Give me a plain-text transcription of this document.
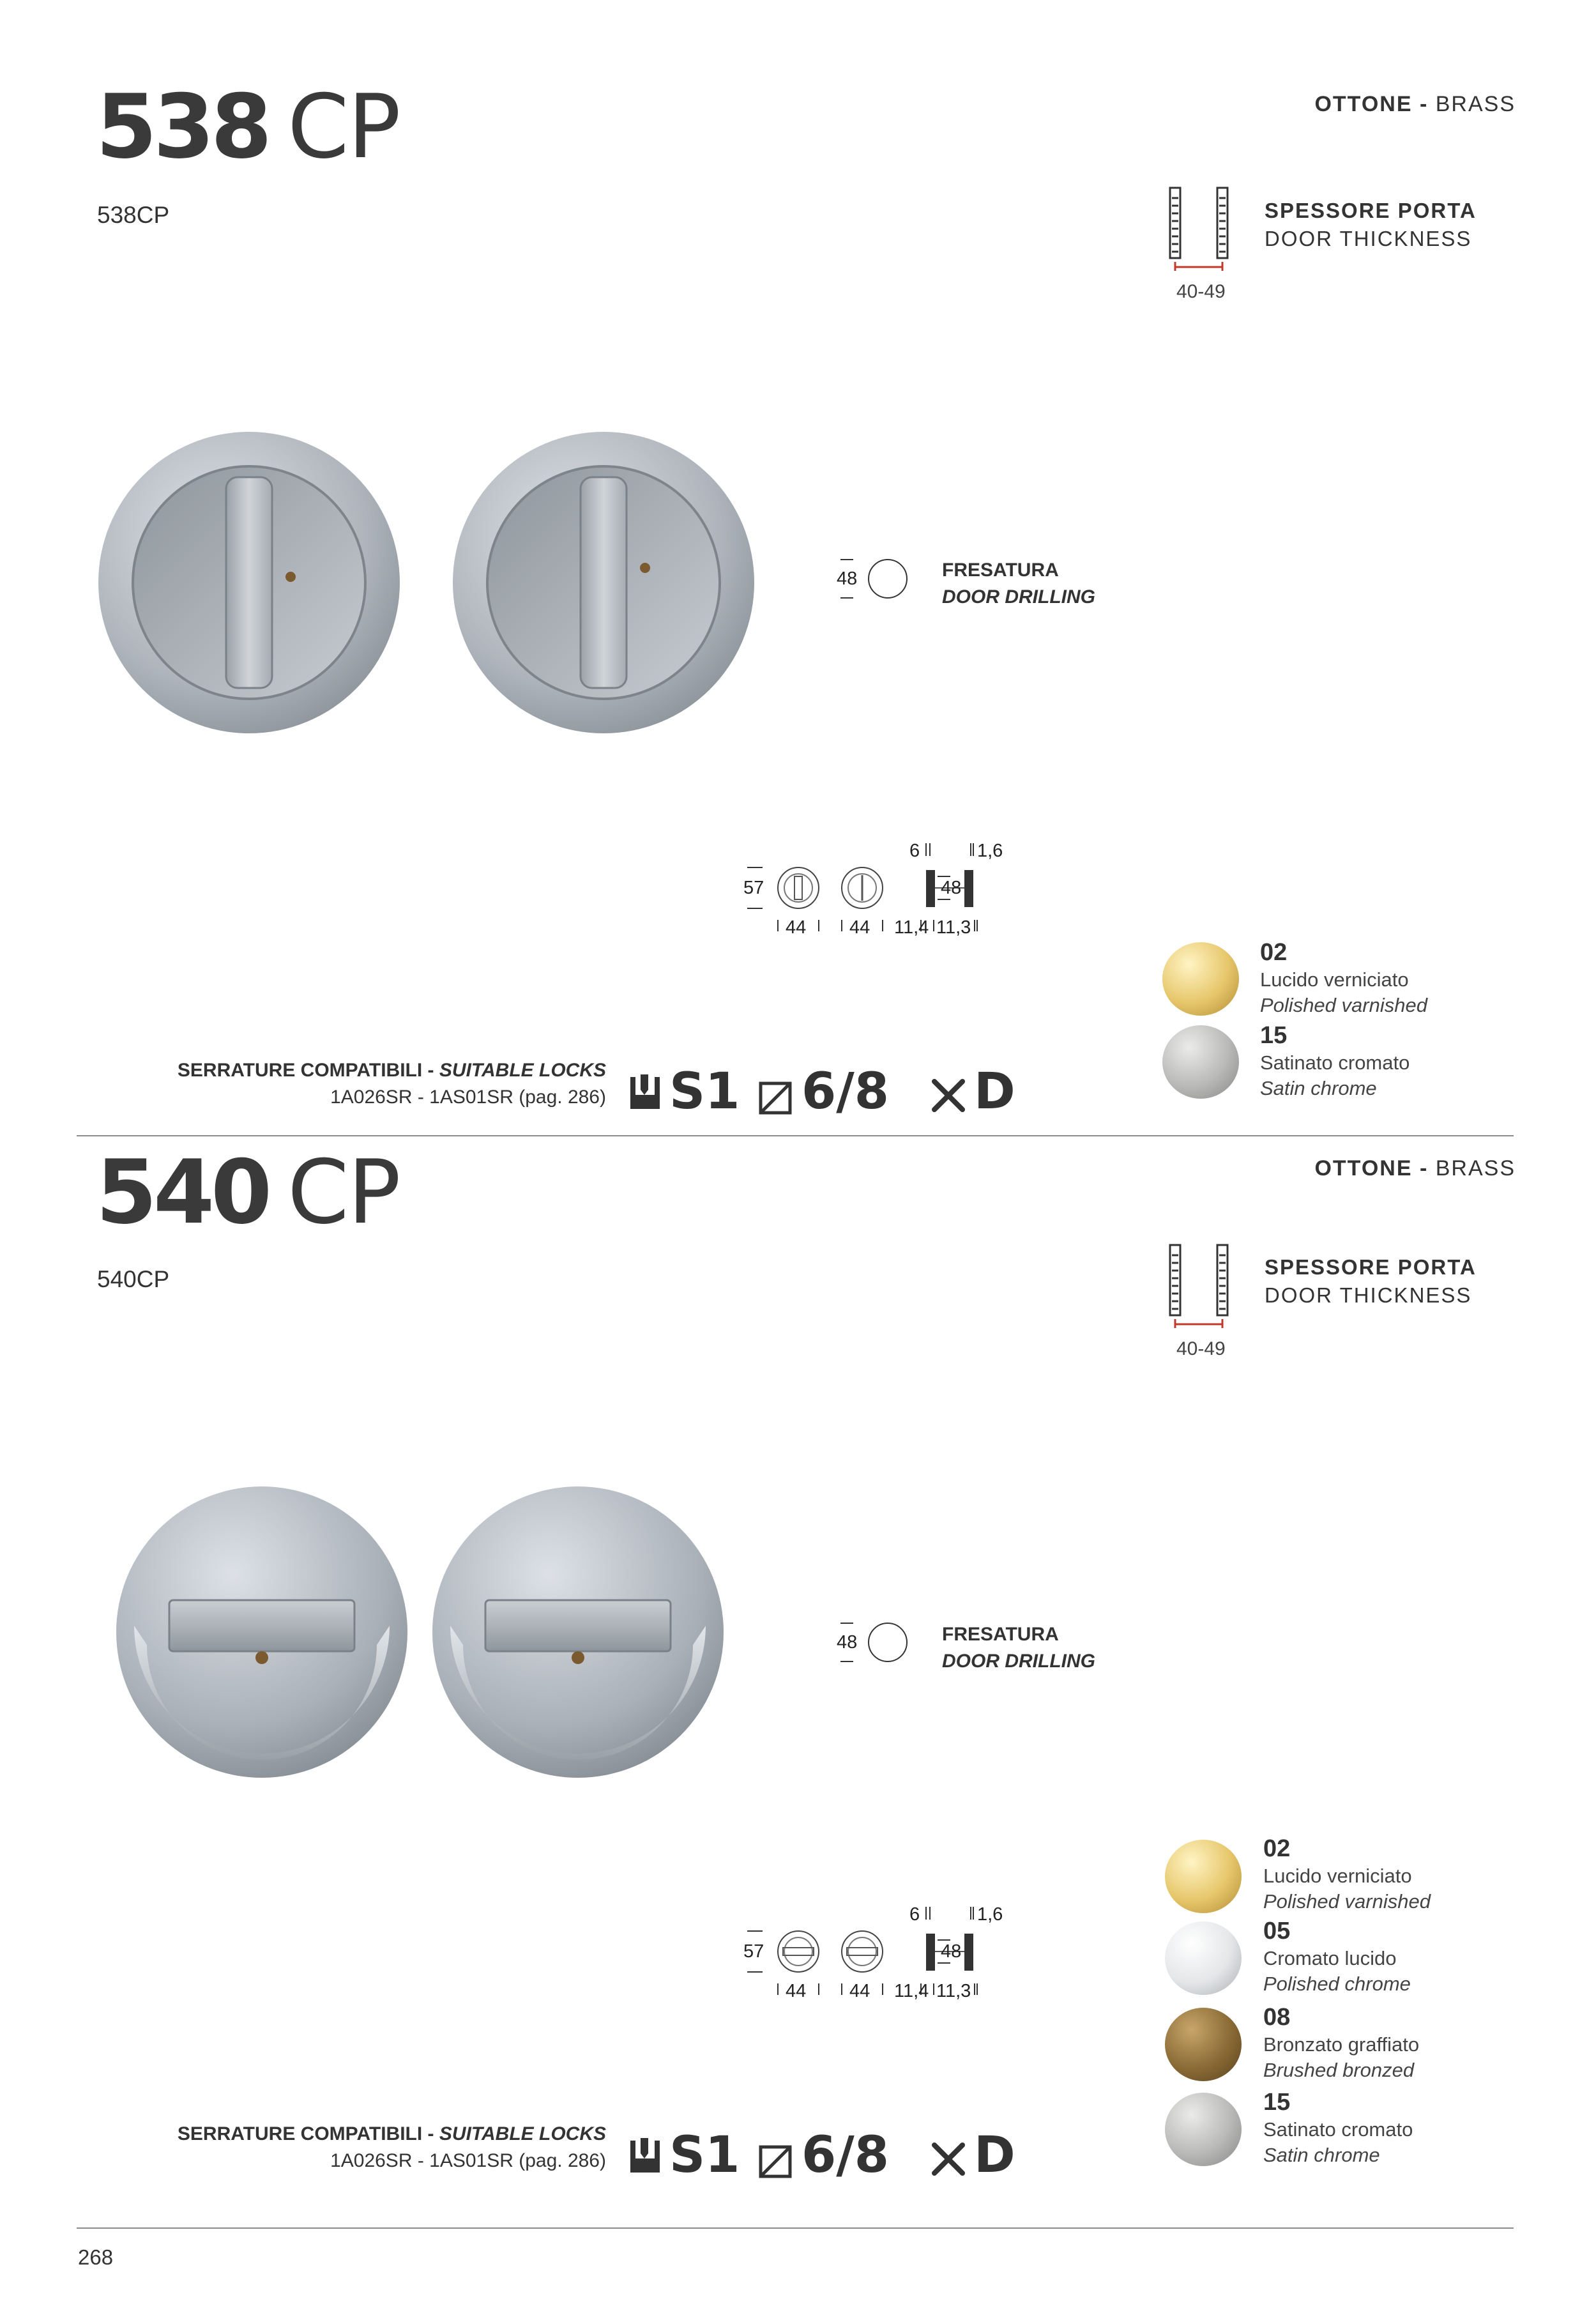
538 CP
538CP
OTTONE - BRASS
40-49
SPESSORE PORTA
DOOR THICKNESS
48	FRESATURA
DOOR DRILLING
57
44 44
6
11,4
48
1,6
11,3
SERRATURE COMPATIBILI - SUITABLE LOCKS
1A026SR - 1AS01SR (pag. 286) S1 6/8 D
02
Lucido verniciato
Polished varnished
15
Satinato cromato
Satin chrome
540 CP
540CP
OTTONE - BRASS
40-49
SPESSORE PORTA
DOOR THICKNESS
48	FRESATURA
DOOR DRILLING
57
44 44
6
11,4
48
1,6
11,3
SERRATURE COMPATIBILI - SUITABLE LOCKS
1A026SR - 1AS01SR (pag. 286) S1 6/8 D
02
Lucido verniciato
Polished varnished
05
Cromato lucido
Polished chrome
08
Bronzato graffiato
Brushed bronzed
15
Satinato cromato
Satin chrome
268
